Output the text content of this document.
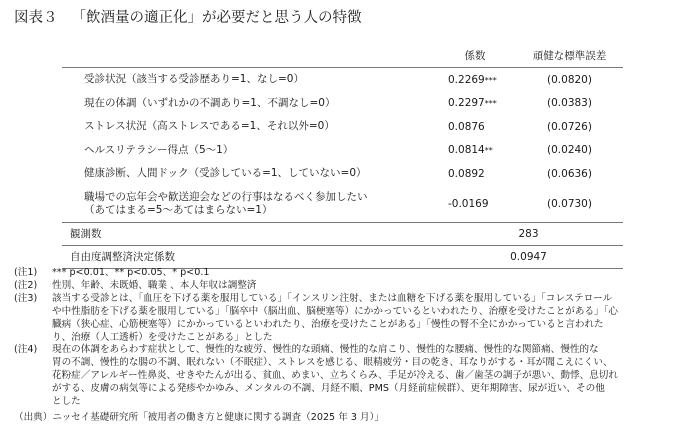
図表３ 「飲酒量の適正化」が必要だと思う人の特徴
	係数	頑健な標準誤差
受診状況（該当する受診歴あり=1、なし=0）	0.2269***	(0.0820)
現在の体調（いずれかの不調あり=1、不調なし=0）	0.2297***	(0.0383)
ストレス状況（高ストレスである=1、それ以外=0）	0.0876	(0.0726)
ヘルスリテラシー得点（5～1）	0.0814**	(0.0240)
健康診断、人間ドック（受診している=1、していない=0）	0.0892	(0.0636)
職場での忘年会や歓送迎会などの行事はなるべく参加したい
（あてはまる=5～あてはまらない=1）	-0.0169	(0.0730)
観測数	283	
自由度調整済決定係数	0.0947	
(注1)	*** p<0.01、** p<0.05、* p<0.1
(注2)	性別、年齢、未既婚、職業 、本人年収は調整済
(注3)	該当する受診とは、「血圧を下げる薬を服用している」「インスリン注射、または血糖を下げる薬を服用している」「コレステロール
や中性脂肪を下げる薬を服用している」「脳卒中（脳出血、脳梗塞等）にかかっているといわれたり、治療を受けたことがある」「心
臓病（狭心症、心筋梗塞等）にかかっているといわれたり、治療を受けたことがある」「慢性の腎不全にかかっていると言われた
り、治療（人工透析）を受けたことがある」とした
(注4)	現在の体調をあらわす症状として、慢性的な疲労、慢性的な頭痛、慢性的な肩こり、慢性的な腰痛、慢性的な関節痛、慢性的な
胃の不調、慢性的な腸の不調、眠れない（不眠症）、ストレスを感じる、眼精疲労・目の乾き、耳なりがする・耳が聞こえにくい、
花粉症／アレルギー性鼻炎、せきやたんが出る、貧血、めまい、立ちくらみ、手足が冷える、歯／歯茎の調子が悪い、動悸、息切れ
がする、皮膚の病気等による発疹やかゆみ、メンタルの不調、月経不順、PMS（月経前症候群）、更年期障害、尿が近い、その他
とした
（出典）ニッセイ基礎研究所「被用者の働き方と健康に関する調査（2025 年 3 月）」
